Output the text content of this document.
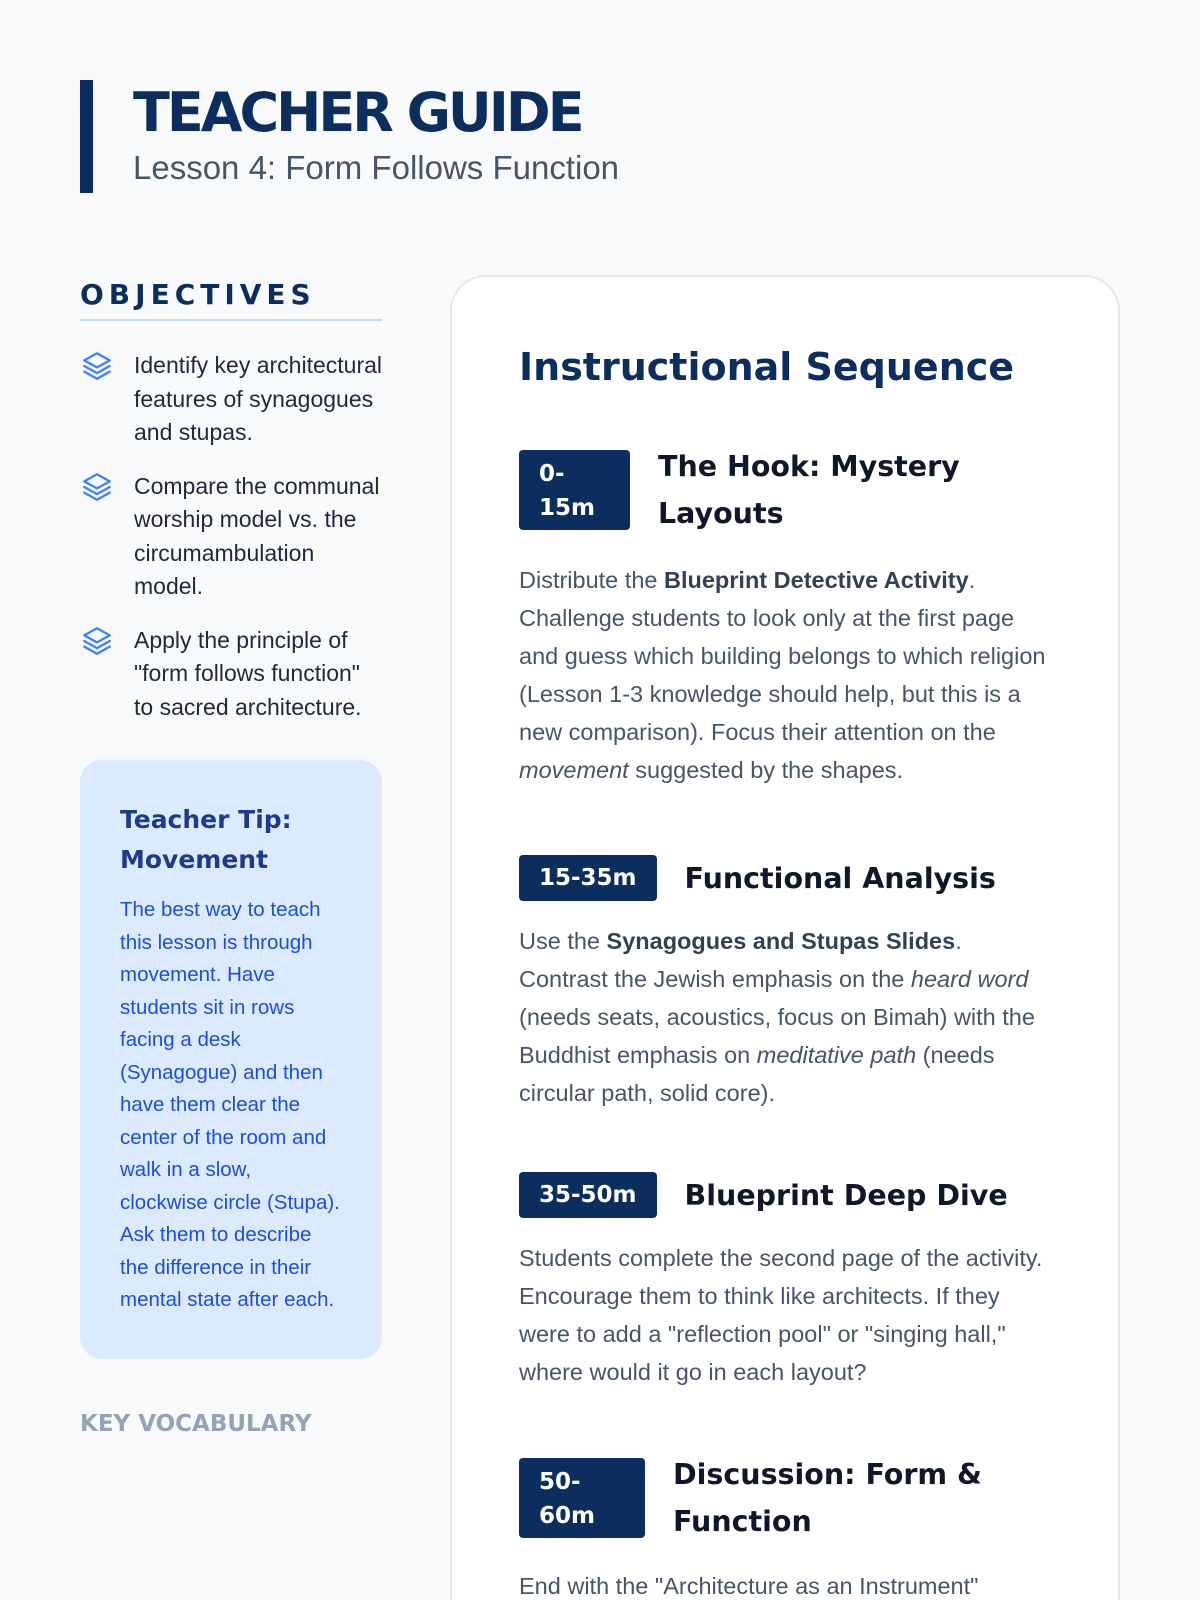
TEACHER GUIDE
Lesson 4: Form Follows Function
OBJECTIVES
Identify key architectural features of synagogues and stupas.
Compare the communal worship model vs. the circumambulation model.
Apply the principle of "form follows function" to sacred architecture.
Teacher Tip: Movement
The best way to teach this lesson is through movement. Have students sit in rows facing a desk (Synagogue) and then have them clear the center of the room and walk in a slow, clockwise circle (Stupa). Ask them to describe the difference in their mental state after each.
KEY VOCABULARY
Instructional Sequence
0-15m
The Hook: Mystery Layouts

Distribute the Blueprint Detective Activity. Challenge students to look only at the first page and guess which building belongs to which religion (Lesson 1-3 knowledge should help, but this is a new comparison). Focus their attention on the movement suggested by the shapes.

15-35m	Functional Analysis

Use the Synagogues and Stupas Slides. Contrast the Jewish emphasis on the heard word (needs seats, acoustics, focus on Bimah) with the Buddhist emphasis on meditative path (needs circular path, solid core).

35-50m	Blueprint Deep Dive

Students complete the second page of the activity. Encourage them to think like architects. If they were to add a "reflection pool" or "singing hall," where would it go in each layout?

50-60m
Discussion: Form & Function

End with the "Architecture as an Instrument"
